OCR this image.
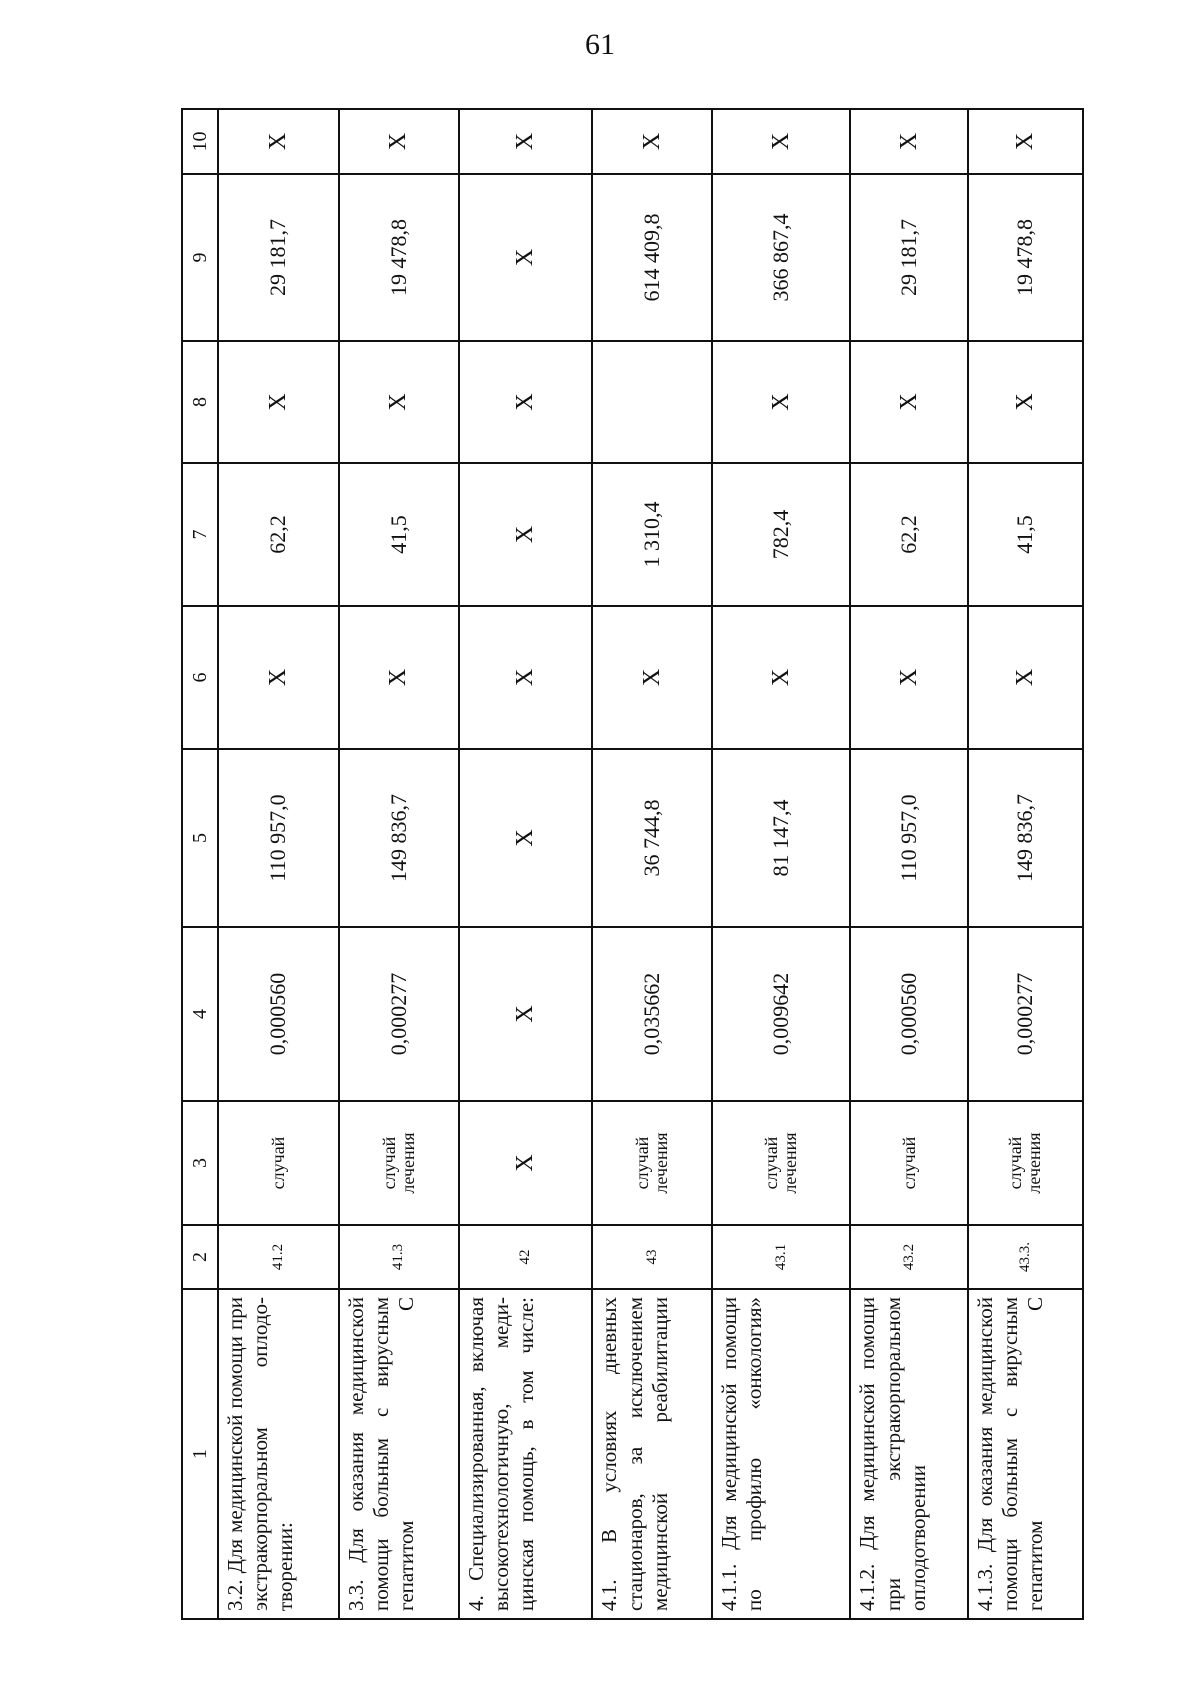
61
1	2	3	4	5	6	7	8	9	10
3.2. Для медицинской помощи при экстракорпоральном оплодотворении:	41.2	случай	0,000560	110 957,0	X	62,2	X	29 181,7	X
3.3. Для оказания медицинской помощи больным с вирусным гепатитом С	41.3	случай лечения	0,000277	149 836,7	X	41,5	X	19 478,8	X
4. Специализированная, включая высокотехнологичную, медицинская помощь, в том числе:	42	X	X	X	X	X	X	X	X
4.1. В условиях дневных стационаров, за исключением медицинской реабилитации	43	случай лечения	0,035662	36 744,8	X	1 310,4		614 409,8	X
4.1.1. Для медицинской помощи по профилю «онкология»	43.1	случай лечения	0,009642	81 147,4	X	782,4	X	366 867,4	X
4.1.2. Для медицинской помощи при экстракорпоральном оплодотворении	43.2	случай	0,000560	110 957,0	X	62,2	X	29 181,7	X
4.1.3. Для оказания медицинской помощи больным с вирусным гепатитом С	43.3.	случай лечения	0,000277	149 836,7	X	41,5	X	19 478,8	X
